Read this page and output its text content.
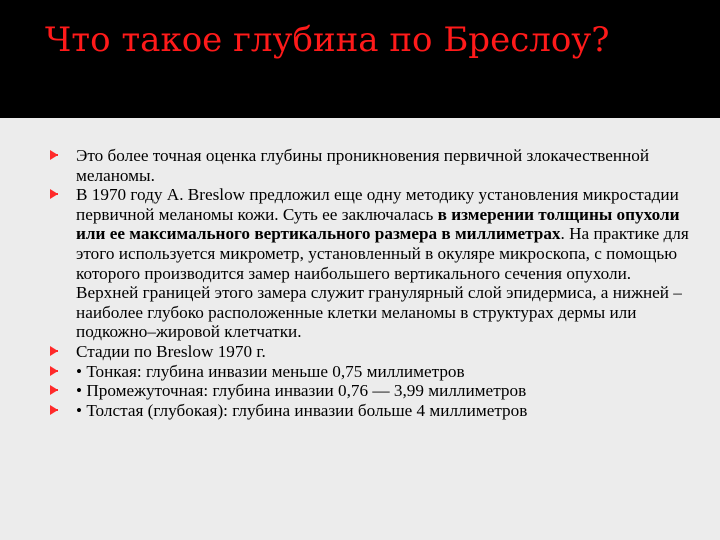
Что такое глубина по Бреслоу?
Это более точная оценка глубины проникновения первичной злокачественной меланомы.
В 1970 году А. Breslow предложил еще одну методику установления микростадии первичной меланомы кожи. Суть ее заключалась в измерении толщины опухоли или ее максимального вертикального размера в миллиметрах. На практике для этого используется микрометр, установленный в окуляре микроскопа, с помощью которого производится замер наибольшего вертикального сечения опухоли. Верхней границей этого замера служит гранулярный слой эпидермиса, а нижней – наиболее глубоко расположенные клетки меланомы в структурах дермы или подкожно–жировой клетчатки.
Стадии по Breslow 1970 г.
• Тонкая: глубина инвазии меньше 0,75 миллиметров
• Промежуточная: глубина инвазии 0,76 — 3,99 миллиметров
• Толстая (глубокая): глубина инвазии больше 4 миллиметров
